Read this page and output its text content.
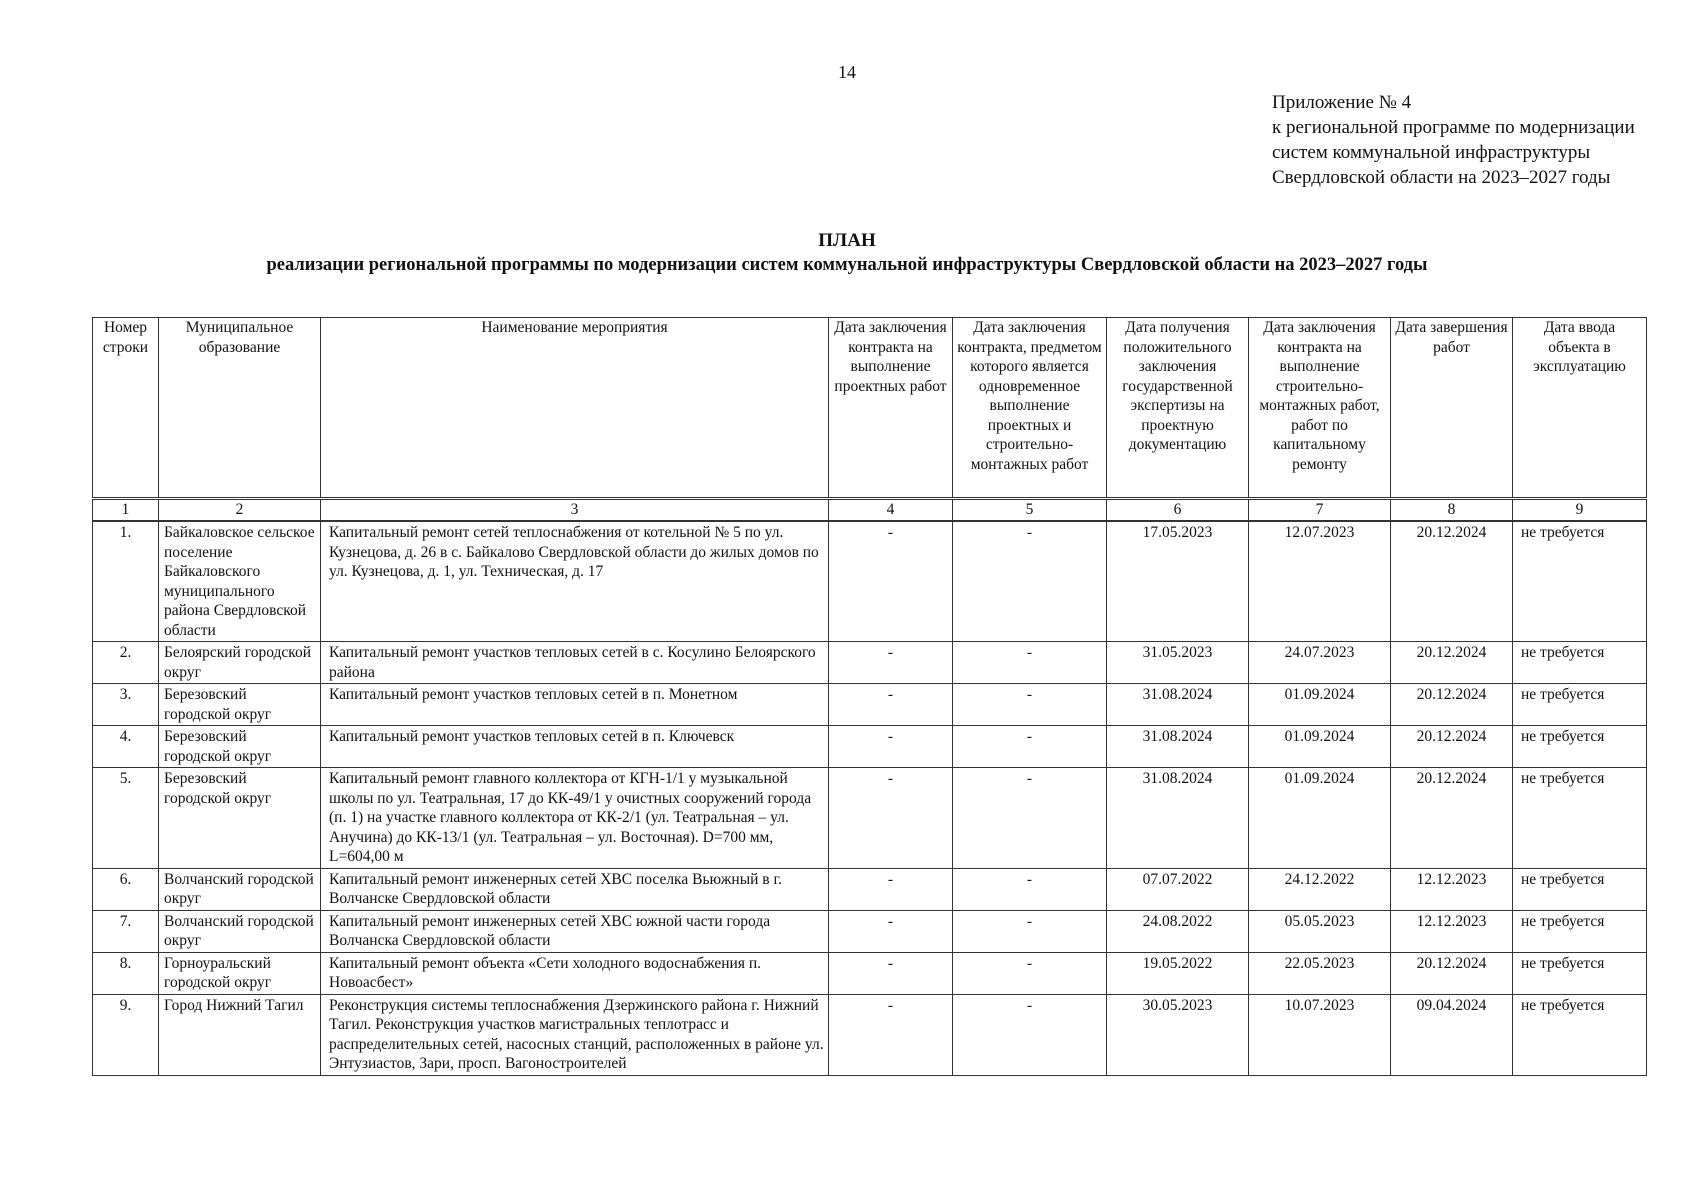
14
Приложение № 4
к региональной программе по модернизации
систем коммунальной инфраструктуры
Свердловской области на 2023–2027 годы
ПЛАН
реализации региональной программы по модернизации систем коммунальной инфраструктуры Свердловской области на 2023–2027 годы
Номер строки	Муниципальное образование	Наименование мероприятия	Дата заключения контракта на выполнение проектных работ	Дата заключения контракта, предметом которого является одновременное выполнение проектных и строительно-монтажных работ	Дата получения положительного заключения государственной экспертизы на проектную документацию	Дата заключения контракта на выполнение строительно-монтажных работ, работ по капитальному ремонту	Дата завершения работ	Дата ввода объекта в эксплуатацию
1	2	3	4	5	6	7	8	9
1.	Байкаловское сельское поселение Байкаловского муниципального района Свердловской области	Капитальный ремонт сетей теплоснабжения от котельной № 5 по ул. Кузнецова, д. 26 в с. Байкалово Свердловской области до жилых домов по ул. Кузнецова, д. 1, ул. Техническая, д. 17	-	-	17.05.2023	12.07.2023	20.12.2024	не требуется
2.	Белоярский городской округ	Капитальный ремонт участков тепловых сетей в с. Косулино Белоярского района	-	-	31.05.2023	24.07.2023	20.12.2024	не требуется
3.	Березовский городской округ	Капитальный ремонт участков тепловых сетей в п. Монетном	-	-	31.08.2024	01.09.2024	20.12.2024	не требуется
4.	Березовский городской округ	Капитальный ремонт участков тепловых сетей в п. Ключевск	-	-	31.08.2024	01.09.2024	20.12.2024	не требуется
5.	Березовский городской округ	Капитальный ремонт главного коллектора от КГН-1/1 у музыкальной школы по ул. Театральная, 17 до КК-49/1 у очистных сооружений города (п. 1) на участке главного коллектора от КК-2/1 (ул. Театральная – ул. Анучина) до КК-13/1 (ул. Театральная – ул. Восточная). D=700 мм, L=604,00 м	-	-	31.08.2024	01.09.2024	20.12.2024	не требуется
6.	Волчанский городской округ	Капитальный ремонт инженерных сетей ХВС поселка Вьюжный в г. Волчанске Свердловской области	-	-	07.07.2022	24.12.2022	12.12.2023	не требуется
7.	Волчанский городской округ	Капитальный ремонт инженерных сетей ХВС южной части города Волчанска Свердловской области	-	-	24.08.2022	05.05.2023	12.12.2023	не требуется
8.	Горноуральский городской округ	Капитальный ремонт объекта «Сети холодного водоснабжения п. Новоасбест»	-	-	19.05.2022	22.05.2023	20.12.2024	не требуется
9.	Город Нижний Тагил	Реконструкция системы теплоснабжения Дзержинского района г. Нижний Тагил. Реконструкция участков магистральных теплотрасс и распределительных сетей, насосных станций, расположенных в районе ул. Энтузиастов, Зари, просп. Вагоностроителей	-	-	30.05.2023	10.07.2023	09.04.2024	не требуется
